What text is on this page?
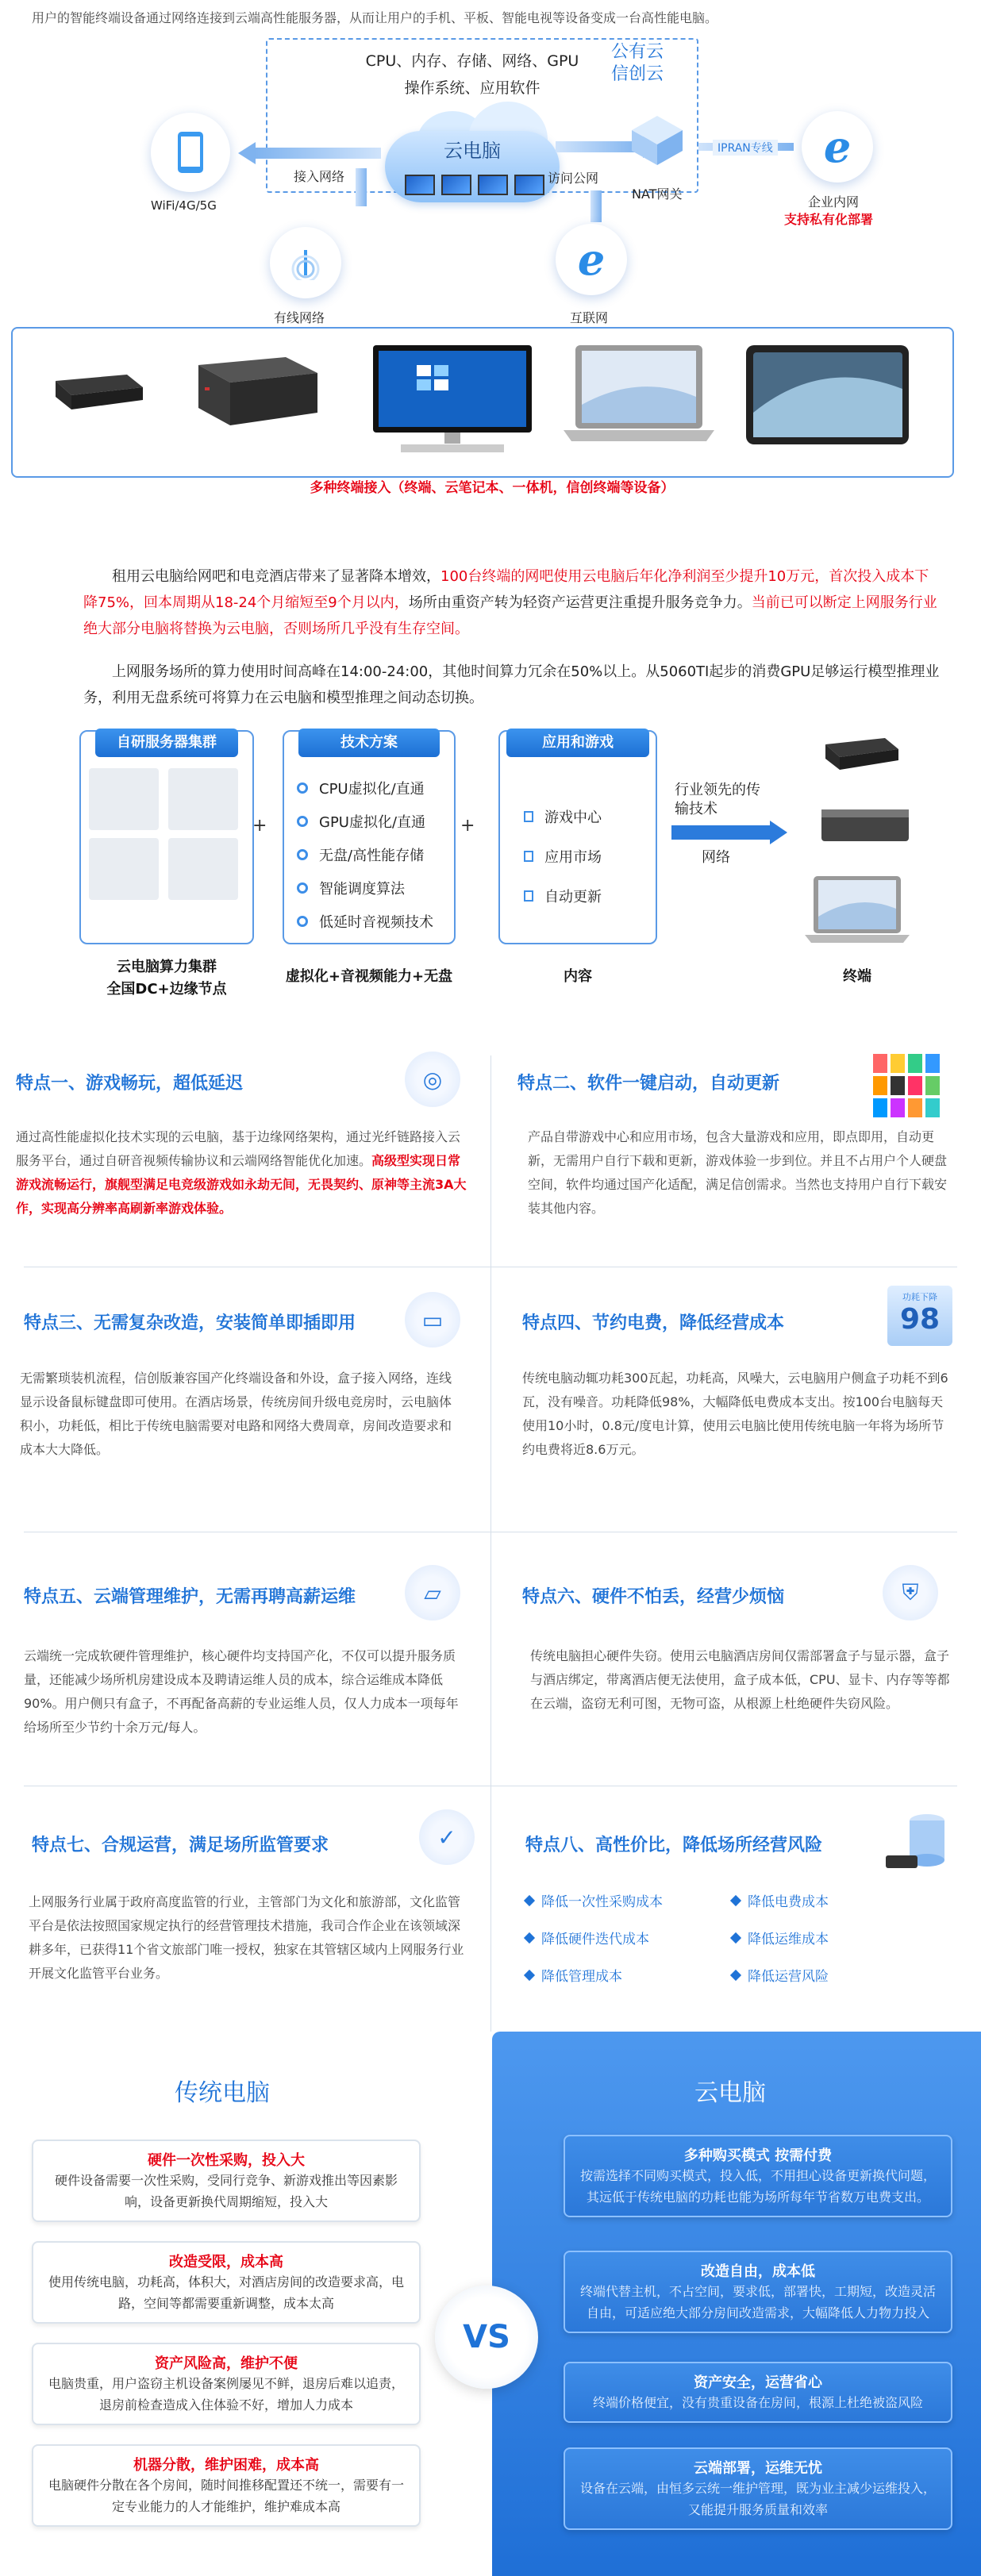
用户的智能终端设备通过网络连接到云端高性能服务器，从而让用户的手机、平板、智能电视等设备变成一台高性能电脑。
CPU、内存、存储、网络、GPU
操作系统、应用软件
公有云
信创云
云电脑
接入网络
WiFi/4G/5G
有线网络
访问公网
NAT网关
IPRAN专线 e
企业内网
支持私有化部署
e
互联网
多种终端接入（终端、云笔记本、一体机，信创终端等设备）
租用云电脑给网吧和电竞酒店带来了显著降本增效，100台终端的网吧使用云电脑后年化净利润至少提升10万元，首次投入成本下降75%，回本周期从18-24个月缩短至9个月以内，场所由重资产转为轻资产运营更注重提升服务竞争力。当前已可以断定上网服务行业绝大部分电脑将替换为云电脑，否则场所几乎没有生存空间。
上网服务场所的算力使用时间高峰在14:00-24:00，其他时间算力冗余在50%以上。从5060TI起步的消费GPU足够运行模型推理业务，利用无盘系统可将算力在云电脑和模型推理之间动态切换。
自研服务器集群
云电脑算力集群
全国DC+边缘节点
+
技术方案
CPU虚拟化/直通
GPU虚拟化/直通
无盘/高性能存储
智能调度算法
低延时音视频技术
虚拟化+音视频能力+无盘
+
应用和游戏
游戏中心
应用市场
自动更新
内容
行业领先的传输技术
网络
终端
特点一、游戏畅玩，超低延迟	◎
通过高性能虚拟化技术实现的云电脑，基于边缘网络架构，通过光纤链路接入云服务平台，通过自研音视频传输协议和云端网络智能优化加速。高级型实现日常游戏流畅运行，旗舰型满足电竞级游戏如永劫无间，无畏契约、原神等主流3A大作，实现高分辨率高刷新率游戏体验。
特点二、软件一键启动，自动更新
产品自带游戏中心和应用市场，包含大量游戏和应用，即点即用，自动更新，无需用户自行下载和更新，游戏体验一步到位。并且不占用户个人硬盘空间，软件均通过国产化适配，满足信创需求。当然也支持用户自行下载安装其他内容。
特点三、无需复杂改造，安装简单即插即用	▭
无需繁琐装机流程，信创版兼容国产化终端设备和外设，盒子接入网络，连线显示设备鼠标键盘即可使用。在酒店场景，传统房间升级电竞房时，云电脑体积小，功耗低，相比于传统电脑需要对电路和网络大费周章，房间改造要求和成本大大降低。
特点四、节约电费，降低经营成本
功耗下降
98
传统电脑动辄功耗300瓦起，功耗高，风噪大，云电脑用户侧盒子功耗不到6瓦，没有噪音。功耗降低98%，大幅降低电费成本支出。按100台电脑每天使用10小时，0.8元/度电计算，使用云电脑比使用传统电脑一年将为场所节约电费将近8.6万元。
特点五、云端管理维护，无需再聘高薪运维	▱
云端统一完成软硬件管理维护，核心硬件均支持国产化，不仅可以提升服务质量，还能减少场所机房建设成本及聘请运维人员的成本，综合运维成本降低90%。用户侧只有盒子，不再配备高薪的专业运维人员，仅人力成本一项每年给场所至少节约十余万元/每人。
特点六、硬件不怕丢，经营少烦恼	⛨
传统电脑担心硬件失窃。使用云电脑酒店房间仅需部署盒子与显示器，盒子与酒店绑定，带离酒店便无法使用，盒子成本低，CPU、显卡、内存等等都在云端，盗窃无利可图，无物可盗，从根源上杜绝硬件失窃风险。
特点七、合规运营，满足场所监管要求	✓
上网服务行业属于政府高度监管的行业，主管部门为文化和旅游部，文化监管平台是依法按照国家规定执行的经营管理技术措施，我司合作企业在该领域深耕多年，已获得11个省文旅部门唯一授权，独家在其管辖区域内上网服务行业开展文化监管平台业务。
特点八、高性价比，降低场所经营风险
降低一次性采购成本	降低电费成本
降低硬件迭代成本	降低运维成本
降低管理成本	降低运营风险
传统电脑	云电脑
硬件一次性采购，投入大
硬件设备需要一次性采购，受同行竞争、新游戏推出等因素影响，设备更新换代周期缩短，投入大
改造受限，成本高
使用传统电脑，功耗高，体积大，对酒店房间的改造要求高，电路，空间等都需要重新调整，成本太高
资产风险高，维护不便
电脑贵重，用户盗窃主机设备案例屡见不鲜，退房后难以追责，退房前检查造成入住体验不好，增加人力成本
机器分散，维护困难，成本高
电脑硬件分散在各个房间，随时间推移配置还不统一，需要有一定专业能力的人才能维护，维护难成本高
VS
多种购买模式 按需付费
按需选择不同购买模式，投入低，不用担心设备更新换代问题，其远低于传统电脑的功耗也能为场所每年节省数万电费支出。
改造自由，成本低
终端代替主机，不占空间，要求低，部署快，工期短，改造灵活自由，可适应绝大部分房间改造需求，大幅降低人力物力投入
资产安全，运营省心
终端价格便宜，没有贵重设备在房间，根源上杜绝被盗风险
云端部署，运维无忧
设备在云端，由恒多云统一维护管理，既为业主减少运维投入，又能提升服务质量和效率
